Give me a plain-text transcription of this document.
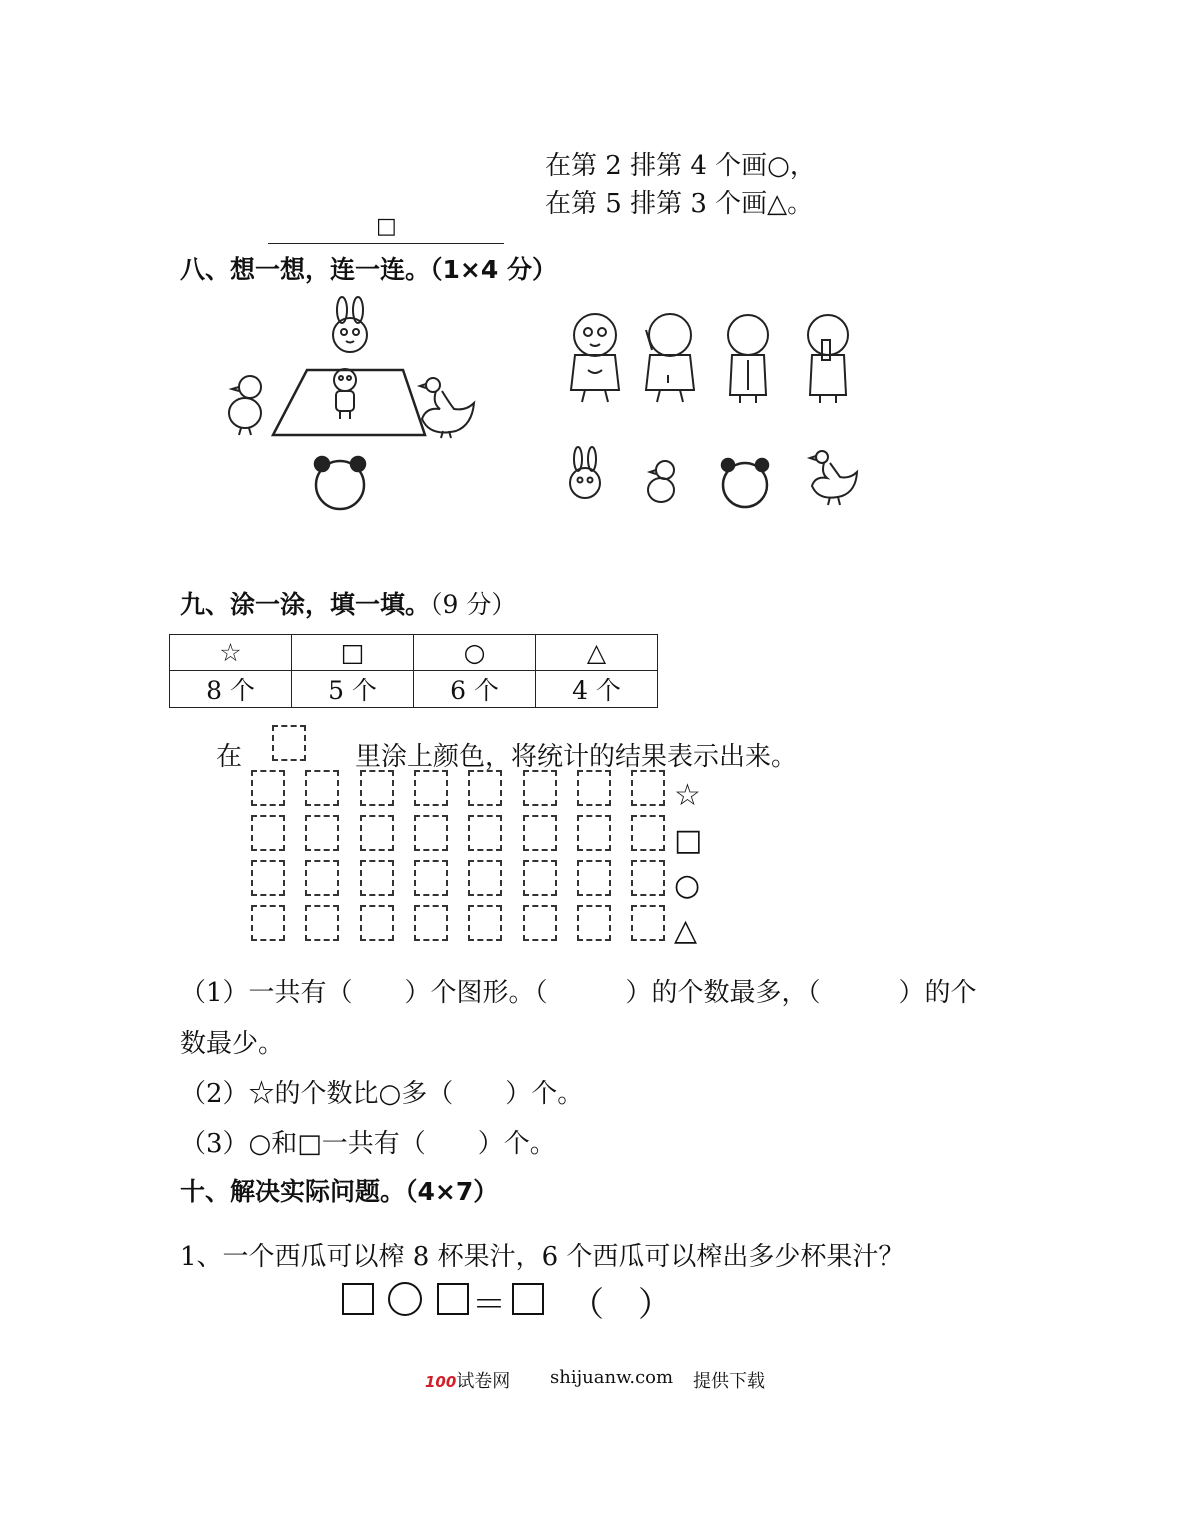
在第 2 排第 4 个画○，
在第 5 排第 3 个画△。
□
八、想一想，连一连。（1×4 分）
九、涂一涂，填一填。（9 分）
☆	□	○	△
8 个	5 个	6 个	4 个
在	里涂上颜色，将统计的结果表示出来。
☆
□
○
△
（1）一共有（　　）个图形。（　　　）的个数最多，（　　　）的个
数最少。
（2）☆的个数比○多（　　）个。
（3）○和□一共有（　　）个。
十、解决实际问题。（4×7）
1、一个西瓜可以榨 8 杯果汁，6 个西瓜可以榨出多少杯果汁？
＝ （　）
100试卷网 shijuanw.com 提供下载
